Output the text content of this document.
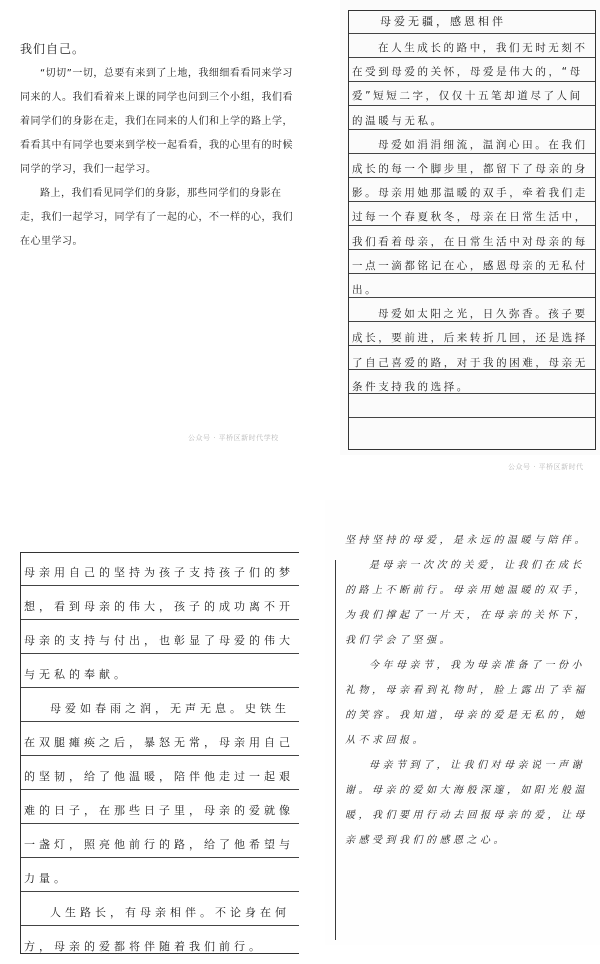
我们自己。

“切切”一切，总要有来到了上地，我细细看看同来学习同来的人。我们看着来上课的同学也问到三个小组，我们看着同学们的身影在走，我们在同来的人们和上学的路上学，看看其中有同学也要来到学校一起看看，我的心里有的时候同学的学习，我们一起学习。

路上，我们看见同学们的身影，那些同学们的身影在走，我们一起学习，同学有了一起的心，不一样的心，我们在心里学习。

公众号 · 平桥区新时代学校
母爱无疆，感恩相伴

在人生成长的路中，我们无时无刻不在受到母爱的关怀，母爱是伟大的，“母爱”短短二字，仅仅十五笔却道尽了人间的温暖与无私。

母爱如涓涓细流，温润心田。在我们成长的每一个脚步里，都留下了母亲的身影。母亲用她那温暖的双手，牵着我们走过每一个春夏秋冬，母亲在日常生活中，我们看着母亲，在日常生活中对母亲的每一点一滴都铭记在心，感恩母亲的无私付出。

母爱如太阳之光，日久弥香。孩子要成长，要前进，后来转折几回，还是选择了自己喜爱的路，对于我的困难，母亲无条件支持我的选择。

公众号 · 平桥区新时代

母亲用自己的坚持为孩子支持孩子们的梦想，看到母亲的伟大，孩子的成功离不开母亲的支持与付出，也彰显了母爱的伟大与无私的奉献。

母爱如春雨之润，无声无息。史铁生在双腿瘫痪之后，暴怒无常，母亲用自己的坚韧，给了他温暖，陪伴他走过一起艰难的日子，在那些日子里，母亲的爱就像一盏灯，照亮他前行的路，给了他希望与力量。

人生路长，有母亲相伴。不论身在何方，母亲的爱都将伴随着我们前行。

坚持坚持的母爱，是永远的温暖与陪伴。

是母亲一次次的关爱，让我们在成长的路上不断前行。母亲用她温暖的双手，为我们撑起了一片天，在母亲的关怀下，我们学会了坚强。

今年母亲节，我为母亲准备了一份小礼物，母亲看到礼物时，脸上露出了幸福的笑容。我知道，母亲的爱是无私的，她从不求回报。

母亲节到了，让我们对母亲说一声谢谢。母亲的爱如大海般深邃，如阳光般温暖，我们要用行动去回报母亲的爱，让母亲感受到我们的感恩之心。
